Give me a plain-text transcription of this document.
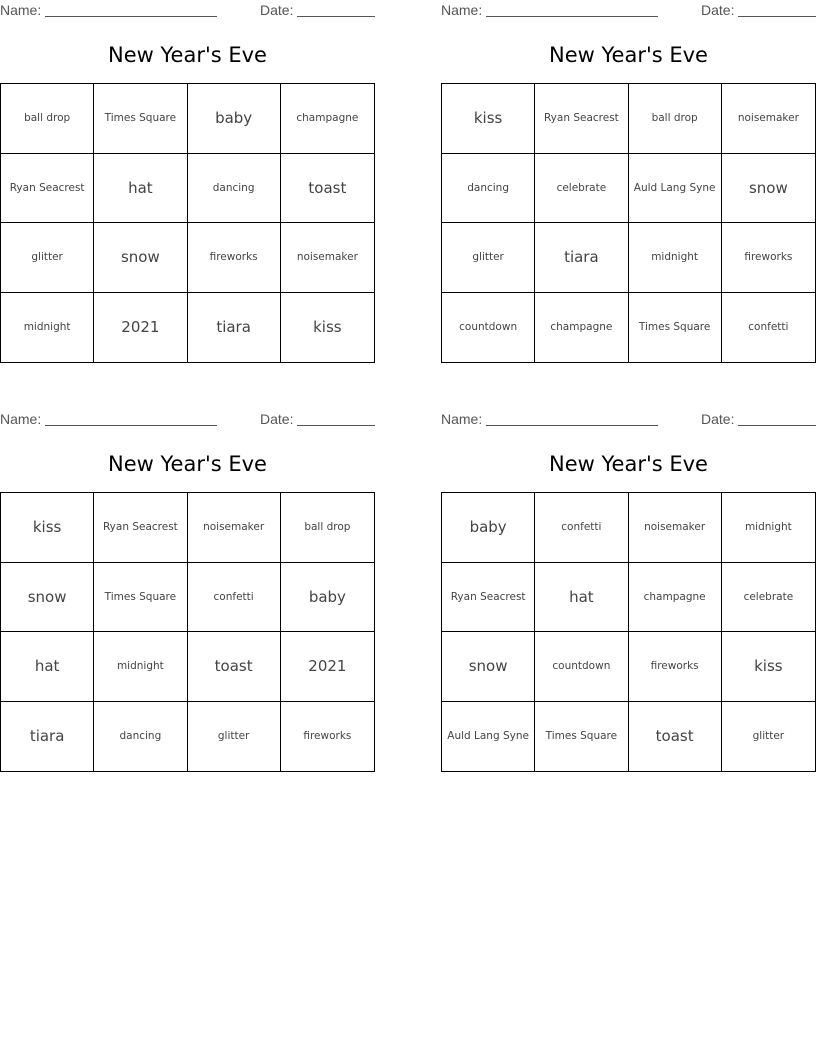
Name:	Date:
New Year's Eve
ball drop	Times Square	baby	champagne
Ryan Seacrest	hat	dancing	toast
glitter	snow	fireworks	noisemaker
midnight	2021	tiara	kiss
Name:	Date:
New Year's Eve
kiss	Ryan Seacrest	ball drop	noisemaker
dancing	celebrate	Auld Lang Syne	snow
glitter	tiara	midnight	fireworks
countdown	champagne	Times Square	confetti
Name:	Date:
New Year's Eve
kiss	Ryan Seacrest	noisemaker	ball drop
snow	Times Square	confetti	baby
hat	midnight	toast	2021
tiara	dancing	glitter	fireworks
Name:	Date:
New Year's Eve
baby	confetti	noisemaker	midnight
Ryan Seacrest	hat	champagne	celebrate
snow	countdown	fireworks	kiss
Auld Lang Syne	Times Square	toast	glitter
